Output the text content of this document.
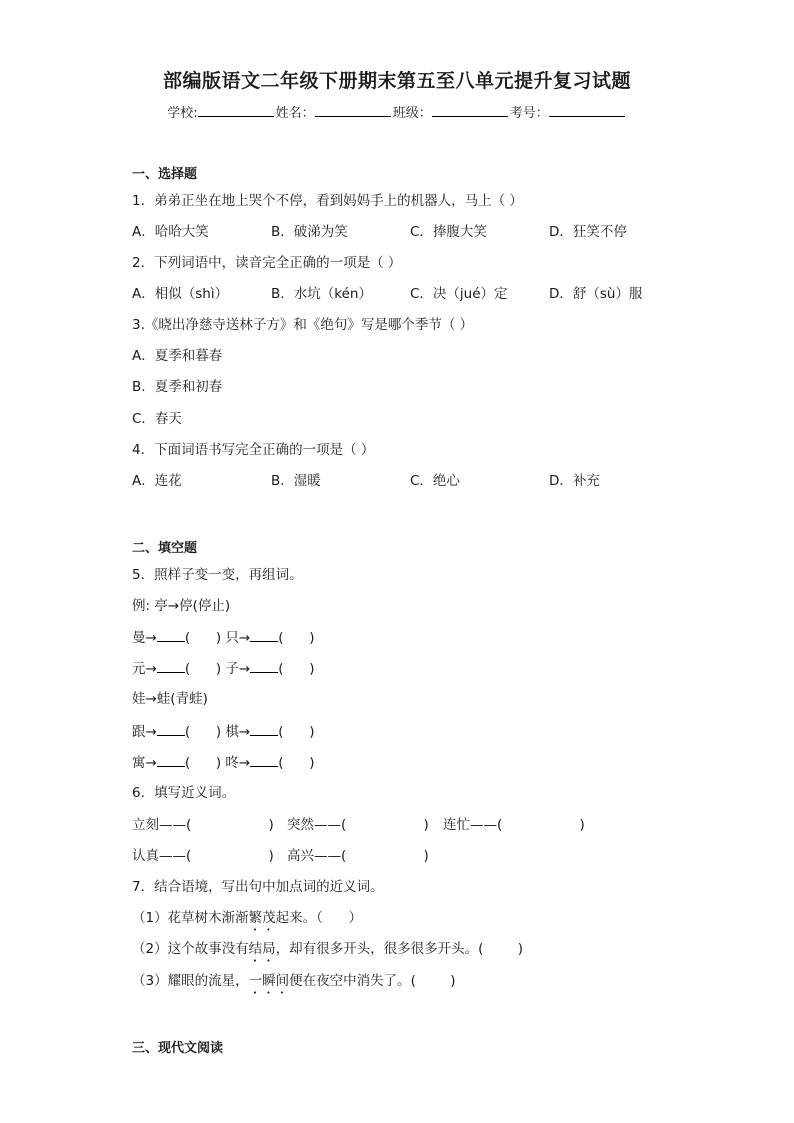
部编版语文二年级下册期末第五至八单元提升复习试题
学校:	姓名：	班级：	考号：
一、选择题
1．弟弟正坐在地上哭个不停，看到妈妈手上的机器人，马上（ ）
A．哈哈大笑	B．破涕为笑	C．捧腹大笑	D．狂笑不停
2．下列词语中，读音完全正确的一项是（ ）
A．相似（shì）	B．水坑（kén）	C．决（jué）定	D．舒（sù）服
3.《晓出净慈寺送林子方》和《绝句》写是哪个季节（ ）
A．夏季和暮春
B．夏季和初春
C．春天
4．下面词语书写完全正确的一项是（ ）
A．连花	B．湿暖	C．绝心	D．补充
二、填空题
5．照样子变一变，再组词。
例: 亭→停(停止)
曼→ (      ) 只→ (      )
元→ (      ) 子→ (      )
娃→蛙(青蛙)
跟→ (      ) 棋→ (      )
寓→ (      ) 咚→ (      )
6．填写近义词。
立刻——(                  ) 突然——(                  ) 连忙——(                  )
认真——(                  ) 高兴——(                  )
7．结合语境，写出句中加点词的近义词。
（1）花草树木渐渐繁茂起来。（      ）
（2）这个故事没有结局，却有很多开头，很多很多开头。(        )
（3）耀眼的流星，一瞬间便在夜空中消失了。(        )
三、现代文阅读
